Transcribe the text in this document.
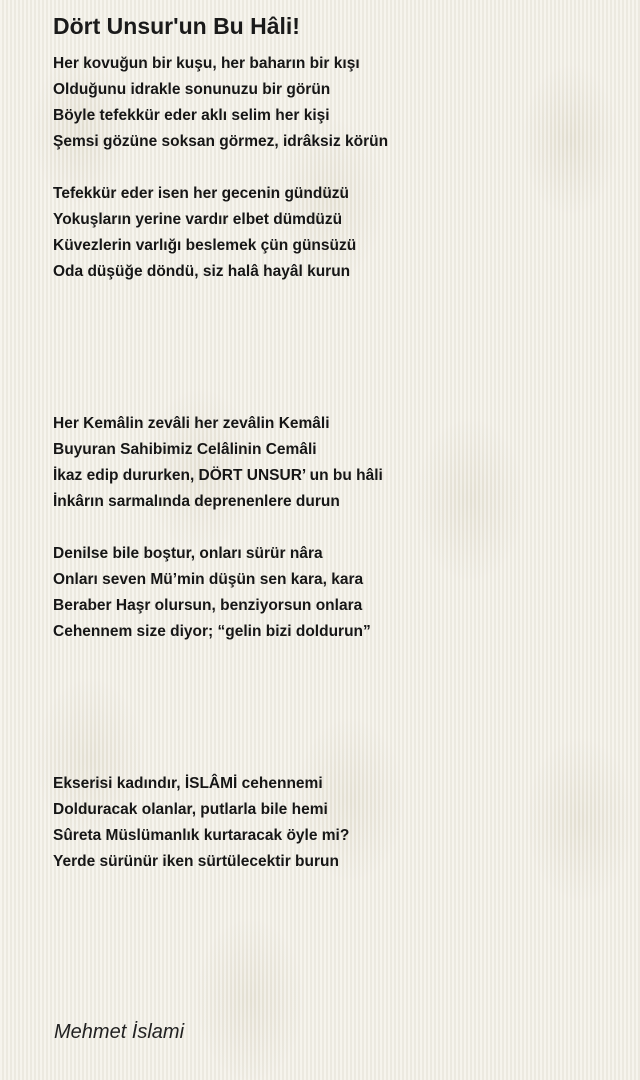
Dört Unsur'un Bu Hâli!
Her kovuğun bir kuşu, her baharın bir kışı
Olduğunu idrakle sonunuzu bir görün
Böyle tefekkür eder aklı selim her kişi
Şemsi gözüne soksan görmez, idrâksiz körün
Tefekkür eder isen her gecenin gündüzü
Yokuşların yerine vardır elbet dümdüzü
Küvezlerin varlığı beslemek çün günsüzü
Oda düşüğe döndü, siz halâ hayâl kurun
Her Kemâlin zevâli her zevâlin Kemâli
Buyuran Sahibimiz Celâlinin Cemâli
İkaz edip dururken, DÖRT UNSUR’ un bu hâli
İnkârın sarmalında deprenenlere durun
Denilse bile boştur, onları sürür nâra
Onları seven Mü’min düşün sen kara, kara
Beraber Haşr olursun, benziyorsun onlara
Cehennem size diyor; “gelin bizi doldurun”
Ekserisi kadındır, İSLÂMİ cehennemi
Dolduracak olanlar, putlarla bile hemi
Sûreta Müslümanlık kurtaracak öyle mi?
Yerde sürünür iken sürtülecektir burun
Mehmet İslami
